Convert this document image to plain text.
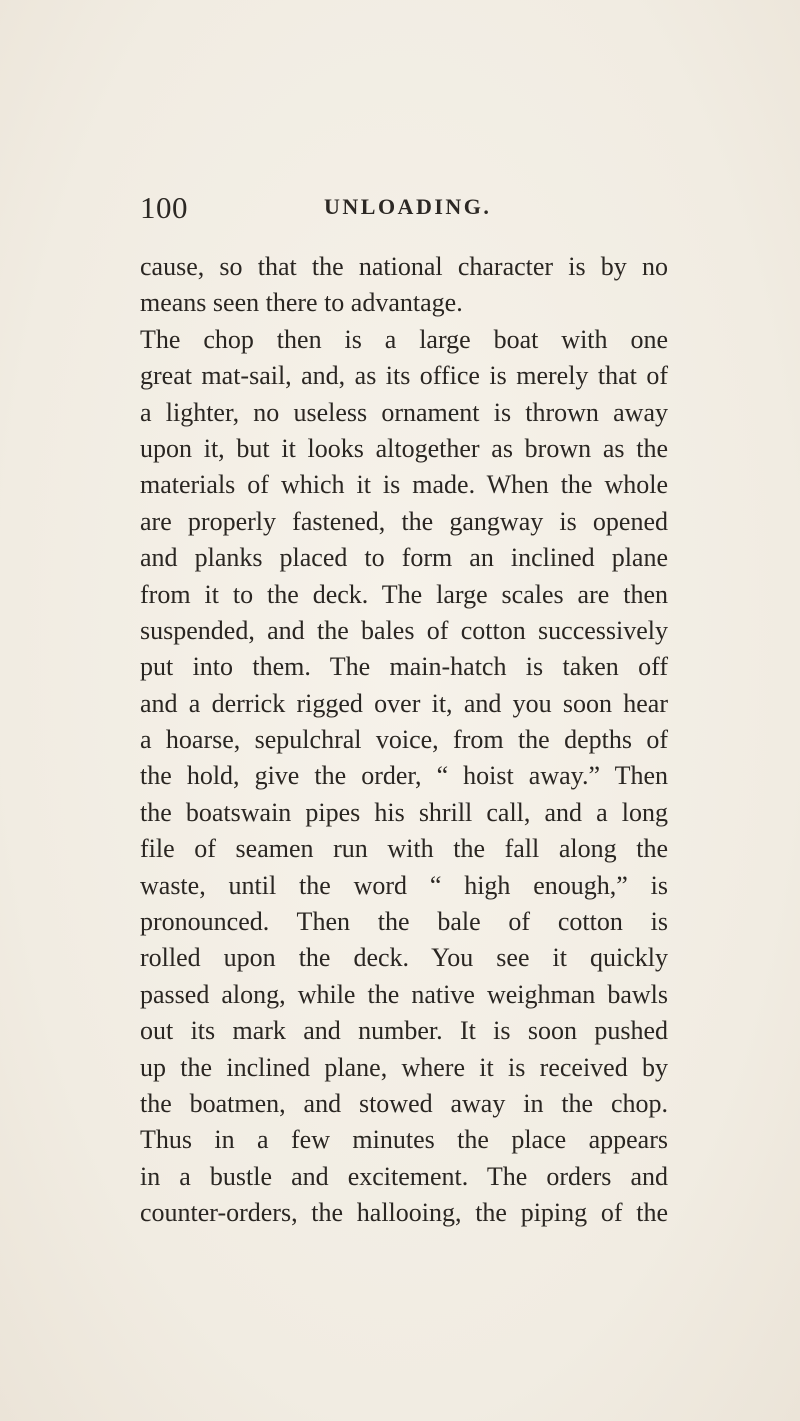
100	UNLOADING.
cause, so that the national character is by no
means seen there to advantage.
The chop then is a large boat with one
great mat-sail, and, as its office is merely that of
a lighter, no useless ornament is thrown away
upon it, but it looks altogether as brown as the
materials of which it is made. When the whole
are properly fastened, the gangway is opened
and planks placed to form an inclined plane
from it to the deck. The large scales are then
suspended, and the bales of cotton successively
put into them. The main-hatch is taken off
and a derrick rigged over it, and you soon hear
a hoarse, sepulchral voice, from the depths of
the hold, give the order, “ hoist away.” Then
the boatswain pipes his shrill call, and a long
file of seamen run with the fall along the
waste, until the word “ high enough,” is
pronounced. Then the bale of cotton is
rolled upon the deck. You see it quickly
passed along, while the native weighman bawls
out its mark and number. It is soon pushed
up the inclined plane, where it is received by
the boatmen, and stowed away in the chop.
Thus in a few minutes the place appears
in a bustle and excitement. The orders and
counter-orders, the hallooing, the piping of the
